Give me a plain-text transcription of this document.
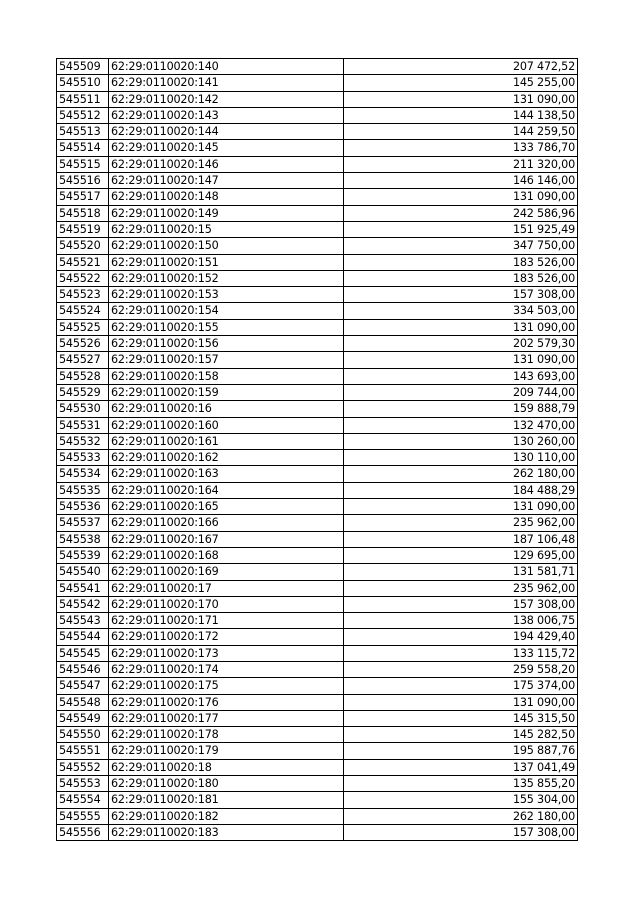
545509	62:29:0110020:140	207 472,52
545510	62:29:0110020:141	145 255,00
545511	62:29:0110020:142	131 090,00
545512	62:29:0110020:143	144 138,50
545513	62:29:0110020:144	144 259,50
545514	62:29:0110020:145	133 786,70
545515	62:29:0110020:146	211 320,00
545516	62:29:0110020:147	146 146,00
545517	62:29:0110020:148	131 090,00
545518	62:29:0110020:149	242 586,96
545519	62:29:0110020:15	151 925,49
545520	62:29:0110020:150	347 750,00
545521	62:29:0110020:151	183 526,00
545522	62:29:0110020:152	183 526,00
545523	62:29:0110020:153	157 308,00
545524	62:29:0110020:154	334 503,00
545525	62:29:0110020:155	131 090,00
545526	62:29:0110020:156	202 579,30
545527	62:29:0110020:157	131 090,00
545528	62:29:0110020:158	143 693,00
545529	62:29:0110020:159	209 744,00
545530	62:29:0110020:16	159 888,79
545531	62:29:0110020:160	132 470,00
545532	62:29:0110020:161	130 260,00
545533	62:29:0110020:162	130 110,00
545534	62:29:0110020:163	262 180,00
545535	62:29:0110020:164	184 488,29
545536	62:29:0110020:165	131 090,00
545537	62:29:0110020:166	235 962,00
545538	62:29:0110020:167	187 106,48
545539	62:29:0110020:168	129 695,00
545540	62:29:0110020:169	131 581,71
545541	62:29:0110020:17	235 962,00
545542	62:29:0110020:170	157 308,00
545543	62:29:0110020:171	138 006,75
545544	62:29:0110020:172	194 429,40
545545	62:29:0110020:173	133 115,72
545546	62:29:0110020:174	259 558,20
545547	62:29:0110020:175	175 374,00
545548	62:29:0110020:176	131 090,00
545549	62:29:0110020:177	145 315,50
545550	62:29:0110020:178	145 282,50
545551	62:29:0110020:179	195 887,76
545552	62:29:0110020:18	137 041,49
545553	62:29:0110020:180	135 855,20
545554	62:29:0110020:181	155 304,00
545555	62:29:0110020:182	262 180,00
545556	62:29:0110020:183	157 308,00
